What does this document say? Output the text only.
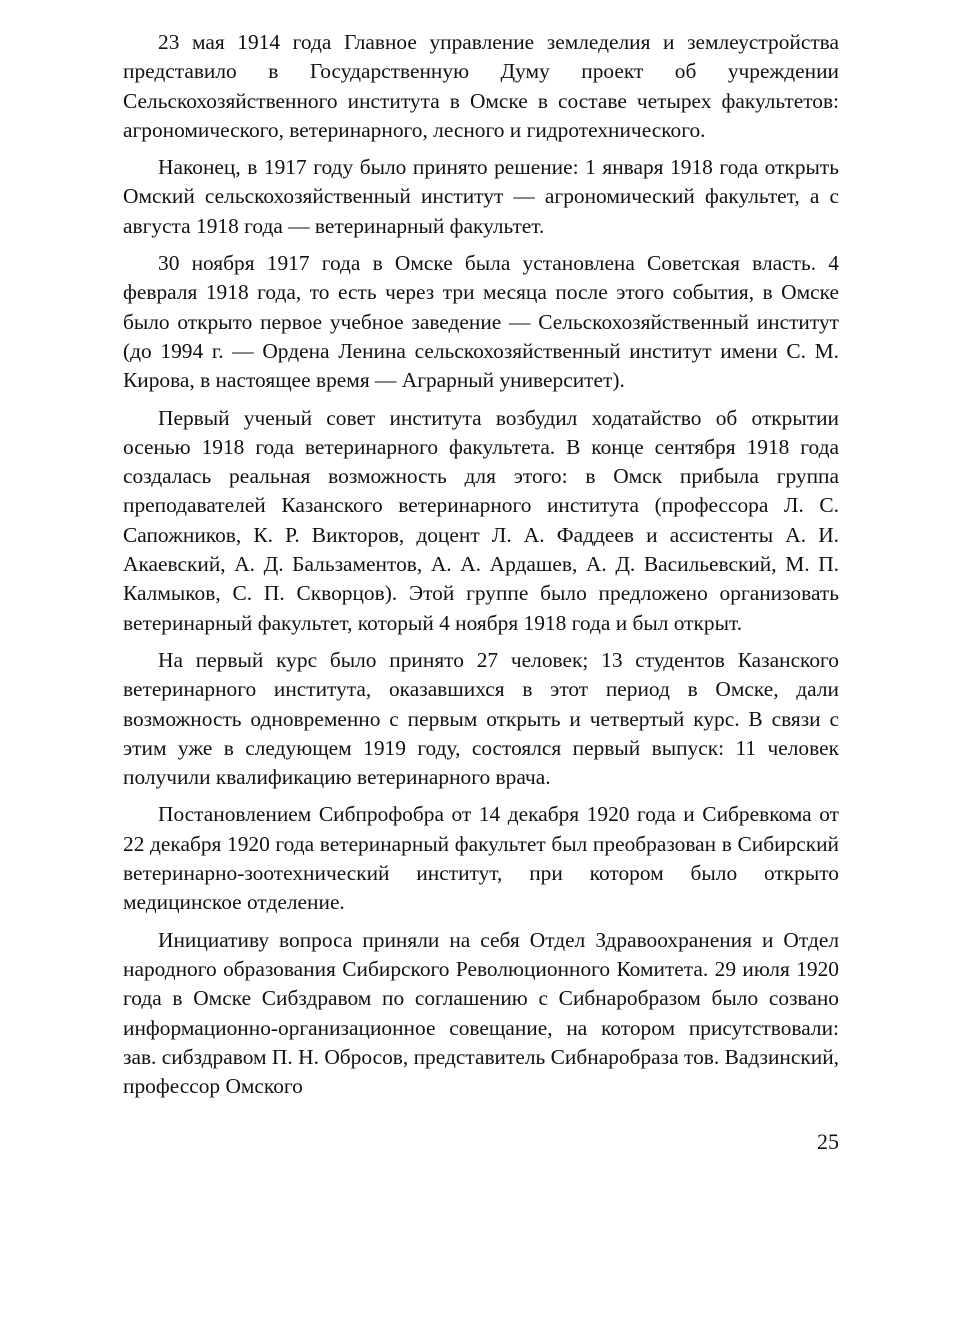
23 мая 1914 года Главное управление земледелия и землеустройства представило в Государственную Думу проект об учреждении Сельскохозяйственного института в Омске в составе четырех факультетов: агрономического, ветеринарного, лесного и гидротехнического.

Наконец, в 1917 году было принято решение: 1 января 1918 года открыть Омский сельскохозяйственный институт — агрономический факультет, а с августа 1918 года — ветеринарный факультет.

30 ноября 1917 года в Омске была установлена Советская власть. 4 февраля 1918 года, то есть через три месяца после этого события, в Омске было открыто первое учебное заведение — Сельскохозяйственный институт (до 1994 г. — Ордена Ленина сельскохозяйственный институт имени С. М. Кирова, в настоящее время — Аграрный университет).

Первый ученый совет института возбудил ходатайство об открытии осенью 1918 года ветеринарного факультета. В конце сентября 1918 года создалась реальная возможность для этого: в Омск прибыла группа преподавателей Казанского ветеринарного института (профессора Л. С. Сапожников, К. Р. Викторов, доцент Л. А. Фаддеев и ассистенты А. И. Акаевский, А. Д. Бальзаментов, А. А. Ардашев, А. Д. Васильевский, М. П. Калмыков, С. П. Скворцов). Этой группе было предложено организовать ветеринарный факультет, который 4 ноября 1918 года и был открыт.

На первый курс было принято 27 человек; 13 студентов Казанского ветеринарного института, оказавшихся в этот период в Омске, дали возможность одновременно с первым открыть и четвертый курс. В связи с этим уже в следующем 1919 году, состоялся первый выпуск: 11 человек получили квалификацию ветеринарного врача.

Постановлением Сибпрофобра от 14 декабря 1920 года и Сибревкома от 22 декабря 1920 года ветеринарный факультет был преобразован в Сибирский ветеринарно-зоотехнический институт, при котором было открыто медицинское отделение.

Инициативу вопроса приняли на себя Отдел Здравоохранения и Отдел народного образования Сибирского Революционного Комитета. 29 июля 1920 года в Омске Сибздравом по соглашению с Сибнаробразом было созвано информационно-организационное совещание, на котором присутствовали: зав. сибздравом П. Н. Обросов, представитель Сибнаробраза тов. Вадзинский, профессор Омского

25
